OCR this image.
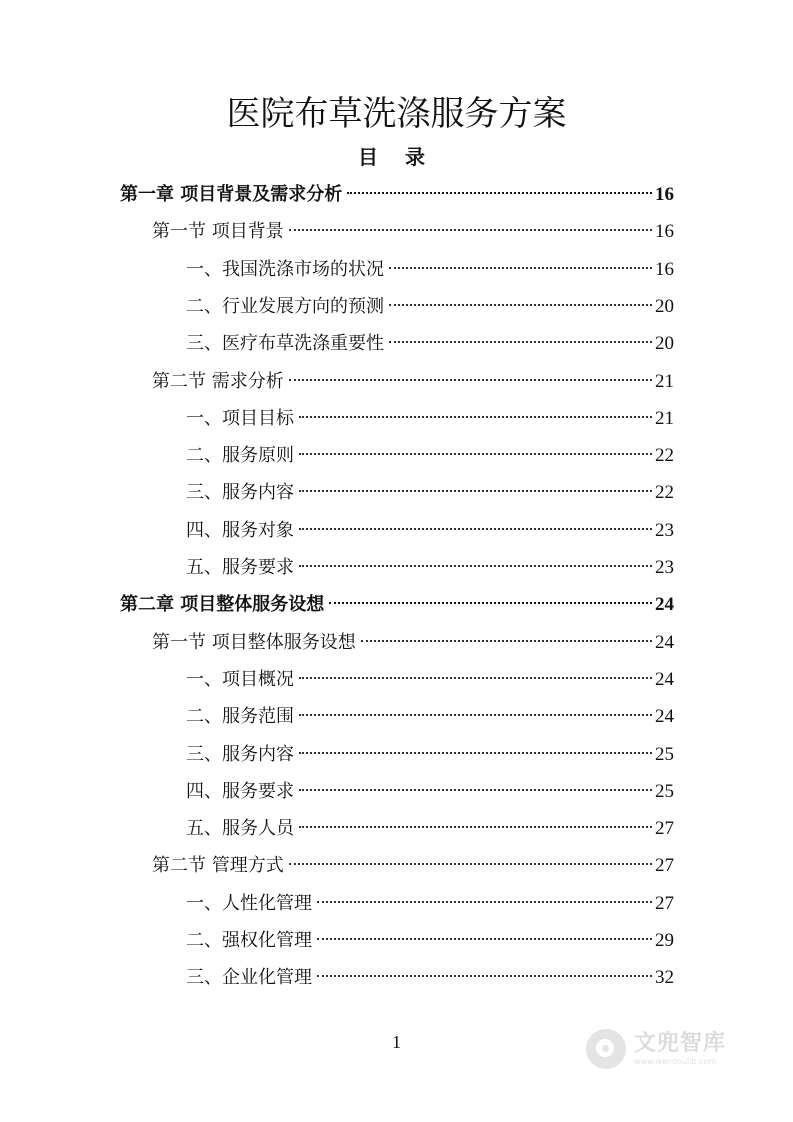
医院布草洗涤服务方案
目 录
第一章 项目背景及需求分析	16
第一节 项目背景	16
一、我国洗涤市场的状况	16
二、行业发展方向的预测	20
三、医疗布草洗涤重要性	20
第二节 需求分析	21
一、项目目标	21
二、服务原则	22
三、服务内容	22
四、服务对象	23
五、服务要求	23
第二章 项目整体服务设想	24
第一节 项目整体服务设想	24
一、项目概况	24
二、服务范围	24
三、服务内容	25
四、服务要求	25
五、服务人员	27
第二节 管理方式	27
一、人性化管理	27
二、强权化管理	29
三、企业化管理	32
1	文兜智库
www.wendoulib.com
